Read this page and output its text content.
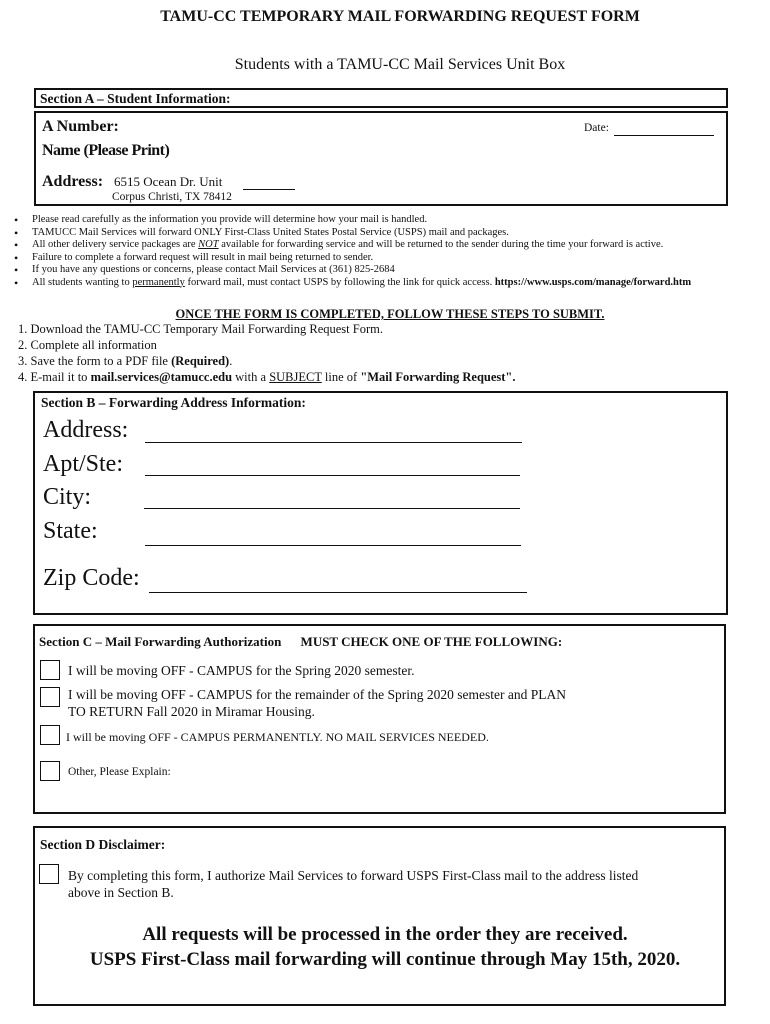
TAMU-CC TEMPORARY MAIL FORWARDING REQUEST FORM
Students with a TAMU-CC Mail Services Unit Box
Section A – Student Information:
A Number:	Date:
Name (Please Print)
Address: 6515 Ocean Dr. Unit
Corpus Christi, TX 78412
• Please read carefully as the information you provide will determine how your mail is handled.
• TAMUCC Mail Services will forward ONLY First-Class United States Postal Service (USPS) mail and packages.
• All other delivery service packages are NOT available for forwarding service and will be returned to the sender during the time your forward is active.
• Failure to complete a forward request will result in mail being returned to sender.
• If you have any questions or concerns, please contact Mail Services at (361) 825-2684
• All students wanting to permanently forward mail, must contact USPS by following the link for quick access. https://www.usps.com/manage/forward.htm
ONCE THE FORM IS COMPLETED, FOLLOW THESE STEPS TO SUBMIT.
1. Download the TAMU-CC Temporary Mail Forwarding Request Form.
2. Complete all information
3. Save the form to a PDF file (Required).
4. E-mail it to mail.services@tamucc.edu with a SUBJECT line of "Mail Forwarding Request".
Section B – Forwarding Address Information:
Address:
Apt/Ste:
City:
State:
Zip Code:
Section C – Mail Forwarding Authorization MUST CHECK ONE OF THE FOLLOWING:
I will be moving OFF - CAMPUS for the Spring 2020 semester.
I will be moving OFF - CAMPUS for the remainder of the Spring 2020 semester and PLAN
TO RETURN Fall 2020 in Miramar Housing.
I will be moving OFF - CAMPUS PERMANENTLY. NO MAIL SERVICES NEEDED.
Other, Please Explain:
Section D Disclaimer:
By completing this form, I authorize Mail Services to forward USPS First-Class mail to the address listed
above in Section B.
All requests will be processed in the order they are received.
USPS First-Class mail forwarding will continue through May 15th, 2020.
